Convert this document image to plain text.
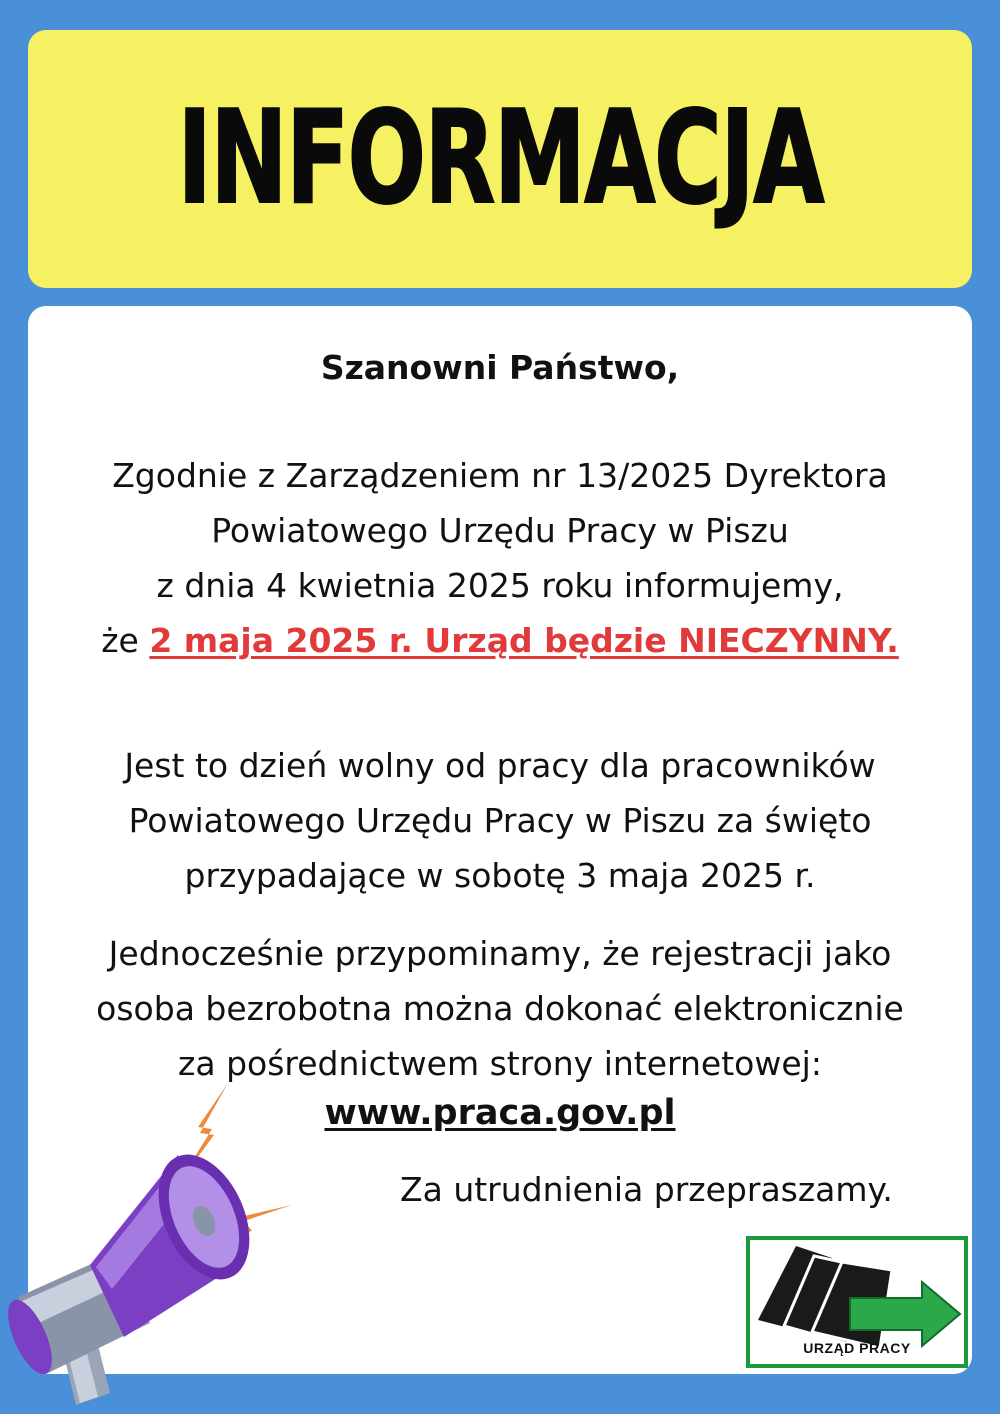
INFORMACJA

Szanowni Państwo,

Zgodnie z Zarządzeniem nr 13/2025 Dyrektora
Powiatowego Urzędu Pracy w Piszu
z dnia 4 kwietnia 2025 roku informujemy,
że 2 maja 2025 r. Urząd będzie NIECZYNNY.

Jest to dzień wolny od pracy dla pracowników
Powiatowego Urzędu Pracy w Piszu za święto
przypadające w sobotę 3 maja 2025 r.

Jednocześnie przypominamy, że rejestracji jako
osoba bezrobotna można dokonać elektronicznie
za pośrednictwem strony internetowej:

www.praca.gov.pl

Za utrudnienia przepraszamy.
URZĄD PRACY
